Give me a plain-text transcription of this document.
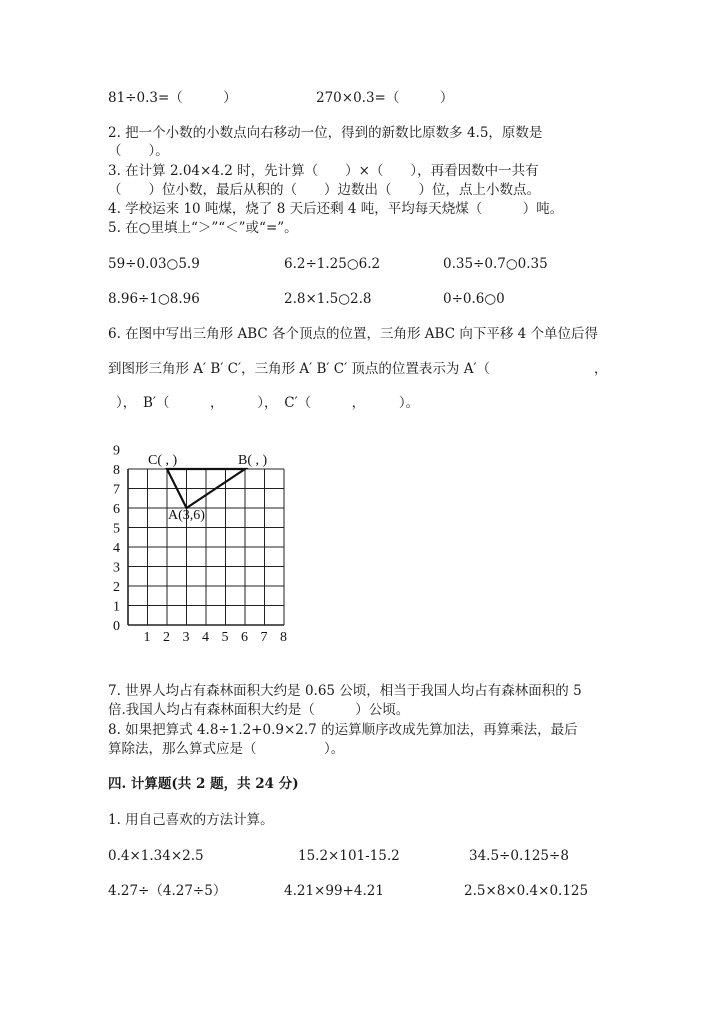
81÷0.3=（　　　）	270×0.3=（　　　）
2. 把一个小数的小数点向右移动一位，得到的新数比原数多 4.5，原数是
（　　）。
3. 在计算 2.04×4.2 时，先计算（　　）×（　　），再看因数中一共有
（　　）位小数，最后从积的（　　）边数出（　　）位，点上小数点。
4. 学校运来 10 吨煤，烧了 8 天后还剩 4 吨，平均每天烧煤（　　　）吨。
5. 在○里填上“＞”“＜”或“=”。
59÷0.03○5.9	6.2÷1.25○6.2	0.35÷0.7○0.35
8.96÷1○8.96	2.8×1.5○2.8	0÷0.6○0
6. 在图中写出三角形 ABC 各个顶点的位置，三角形 ABC 向下平移 4 个单位后得
到图形三角形 A′ B′ C′，三角形 A′ B′ C′ 顶点的位置表示为 A′（	，
），　B′（　　　，　　　），　C′（　　　，　　　）。
1 2 3 4 5 6 7 8
0
1
2
3
4
5
6
7
8
9
C( , )	B( , )
A(3,6)
7. 世界人均占有森林面积大约是 0.65 公顷，相当于我国人均占有森林面积的 5
倍.我国人均占有森林面积大约是（　　　）公顷。
8. 如果把算式 4.8÷1.2+0.9×2.7 的运算顺序改成先算加法，再算乘法，最后
算除法，那么算式应是（　　　　　）。
四. 计算题(共 2 题，共 24 分)
1. 用自己喜欢的方法计算。
0.4×1.34×2.5	15.2×101-15.2	34.5÷0.125÷8
4.27÷（4.27÷5）	4.21×99+4.21	2.5×8×0.4×0.125
